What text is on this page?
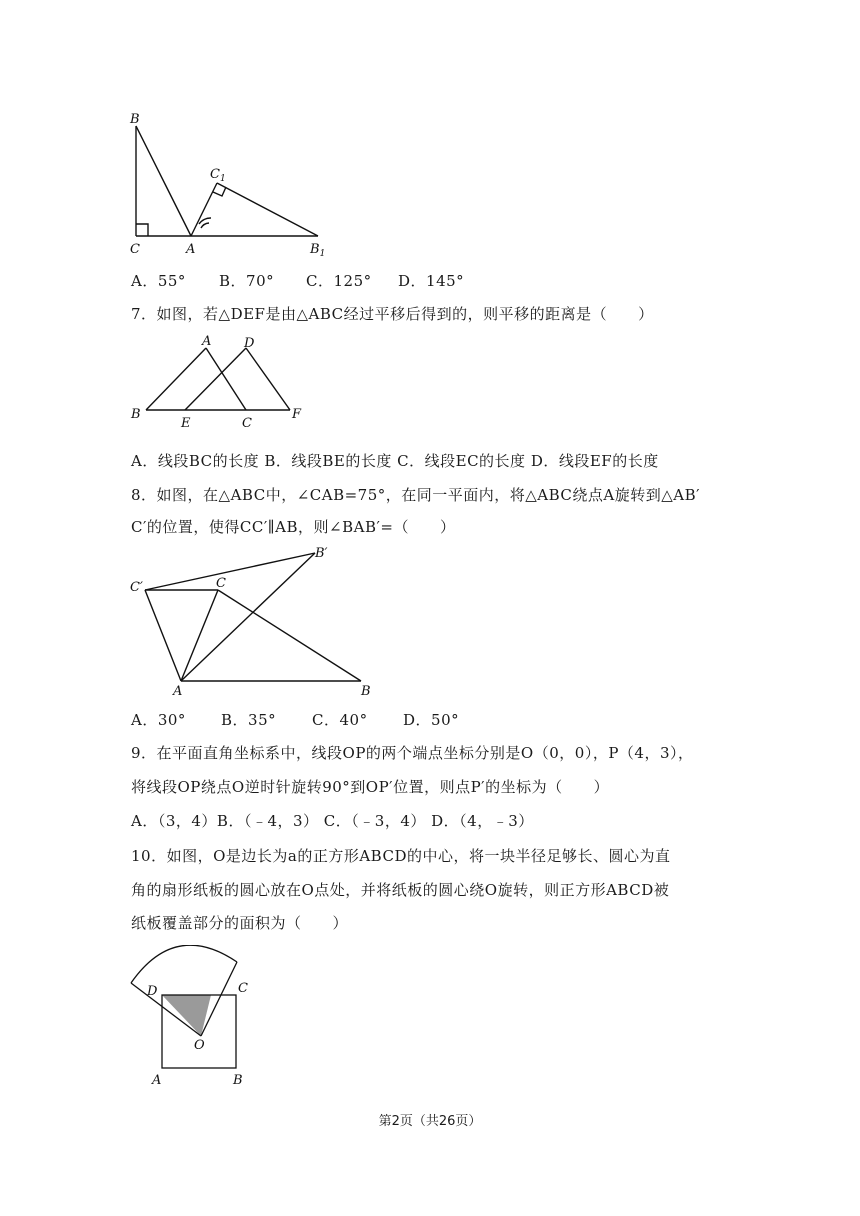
B
C	A	$B_1$
$C_1$
A．55° B．70° C．125° D．145°
7．如图，若△DEF是由△ABC经过平移后得到的，则平移的距离是（　　）
A	D
B
E	C
F
A．线段BC的长度 B．线段BE的长度 C．线段EC的长度 D．线段EF的长度
8．如图，在△ABC中，∠CAB=75°，在同一平面内，将△ABC绕点A旋转到△AB′
C′的位置，使得CC′∥AB，则∠BAB′=（　　）
C′	C
B′
A	B
A．30° B．35° C．40° D．50°
9．在平面直角坐标系中，线段OP的两个端点坐标分别是O（0，0），P（4，3），
将线段OP绕点O逆时针旋转90°到OP′位置，则点P′的坐标为（　　）
A．（3，4）B．（﹣4，3） C．（﹣3，4） D．（4，﹣3）
10．如图，O是边长为a的正方形ABCD的中心，将一块半径足够长、圆心为直
角的扇形纸板的圆心放在O点处，并将纸板的圆心绕O旋转，则正方形ABCD被
纸板覆盖部分的面积为（　　）
D	C
O
A	B
第2页（共26页）
